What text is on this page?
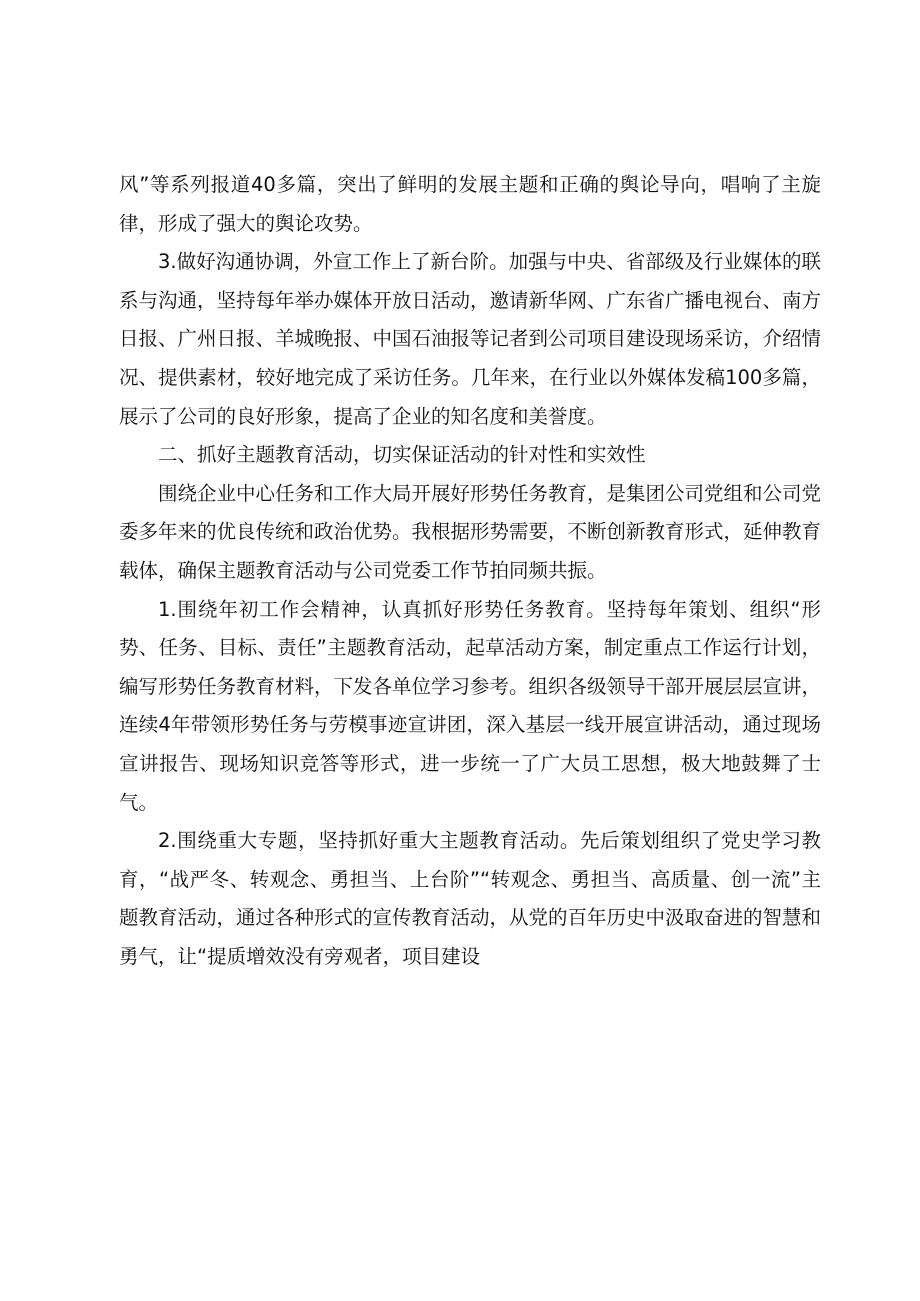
风”等系列报道40多篇，突出了鲜明的发展主题和正确的舆论导向，唱响了主旋律，形成了强大的舆论攻势。

3.做好沟通协调，外宣工作上了新台阶。加强与中央、省部级及行业媒体的联系与沟通，坚持每年举办媒体开放日活动，邀请新华网、广东省广播电视台、南方日报、广州日报、羊城晚报、中国石油报等记者到公司项目建设现场采访，介绍情况、提供素材，较好地完成了采访任务。几年来，在行业以外媒体发稿100多篇，展示了公司的良好形象，提高了企业的知名度和美誉度。

二、抓好主题教育活动，切实保证活动的针对性和实效性

围绕企业中心任务和工作大局开展好形势任务教育，是集团公司党组和公司党委多年来的优良传统和政治优势。我根据形势需要，不断创新教育形式，延伸教育载体，确保主题教育活动与公司党委工作节拍同频共振。

1.围绕年初工作会精神，认真抓好形势任务教育。坚持每年策划、组织“形势、任务、目标、责任”主题教育活动，起草活动方案，制定重点工作运行计划，编写形势任务教育材料，下发各单位学习参考。组织各级领导干部开展层层宣讲，连续4年带领形势任务与劳模事迹宣讲团，深入基层一线开展宣讲活动，通过现场宣讲报告、现场知识竞答等形式，进一步统一了广大员工思想，极大地鼓舞了士气。

2.围绕重大专题，坚持抓好重大主题教育活动。先后策划组织了党史学习教育，“战严冬、转观念、勇担当、上台阶”“转观念、勇担当、高质量、创一流”主题教育活动，通过各种形式的宣传教育活动，从党的百年历史中汲取奋进的智慧和勇气，让“提质增效没有旁观者，项目建设
